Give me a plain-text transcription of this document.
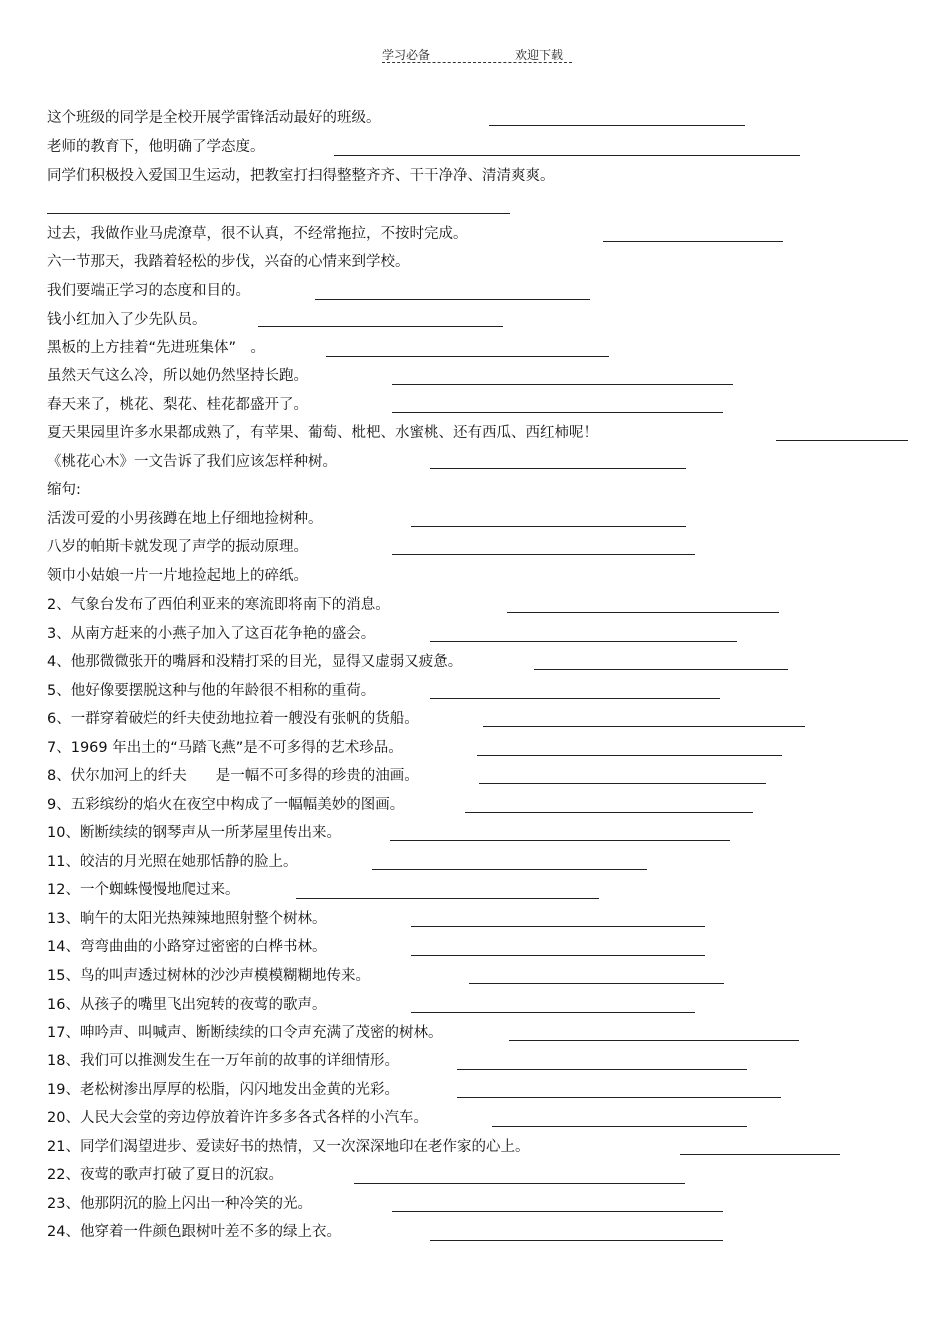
学习必备	欢迎下载
这个班级的同学是全校开展学雷锋活动最好的班级。
老师的教育下，他明确了学态度。
同学们积极投入爱国卫生运动，把教室打扫得整整齐齐、干干净净、清清爽爽。
过去，我做作业马虎潦草，很不认真，不经常拖拉，不按时完成。
六一节那天，我踏着轻松的步伐，兴奋的心情来到学校。
我们要端正学习的态度和目的。
钱小红加入了少先队员。
黑板的上方挂着“先进班集体”　。
虽然天气这么冷，所以她仍然坚持长跑。
春天来了，桃花、梨花、桂花都盛开了。
夏天果园里许多水果都成熟了，有苹果、葡萄、枇杷、水蜜桃、还有西瓜、西红柿呢！
《桃花心木》一文告诉了我们应该怎样种树。
缩句:
活泼可爱的小男孩蹲在地上仔细地捡树种。
八岁的帕斯卡就发现了声学的振动原理。
领巾小姑娘一片一片地捡起地上的碎纸。
2、气象台发布了西伯利亚来的寒流即将南下的消息。
3、从南方赶来的小燕子加入了这百花争艳的盛会。
4、他那微微张开的嘴唇和没精打采的目光，显得又虚弱又疲惫。
5、他好像要摆脱这种与他的年龄很不相称的重荷。
6、一群穿着破烂的纤夫使劲地拉着一艘没有张帆的货船。
7、1969 年出土的“马踏飞燕”是不可多得的艺术珍品。
8、伏尔加河上的纤夫　　是一幅不可多得的珍贵的油画。
9、五彩缤纷的焰火在夜空中构成了一幅幅美妙的图画。
10、断断续续的钢琴声从一所茅屋里传出来。
11、皎洁的月光照在她那恬静的脸上。
12、一个蜘蛛慢慢地爬过来。
13、晌午的太阳光热辣辣地照射整个树林。
14、弯弯曲曲的小路穿过密密的白桦书林。
15、鸟的叫声透过树林的沙沙声模模糊糊地传来。
16、从孩子的嘴里飞出宛转的夜莺的歌声。
17、呻吟声、叫喊声、断断续续的口令声充满了茂密的树林。
18、我们可以推测发生在一万年前的故事的详细情形。
19、老松树渗出厚厚的松脂，闪闪地发出金黄的光彩。
20、人民大会堂的旁边停放着许许多多各式各样的小汽车。
21、同学们渴望进步、爱读好书的热情，又一次深深地印在老作家的心上。
22、夜莺的歌声打破了夏日的沉寂。
23、他那阴沉的脸上闪出一种冷笑的光。
24、他穿着一件颜色跟树叶差不多的绿上衣。
